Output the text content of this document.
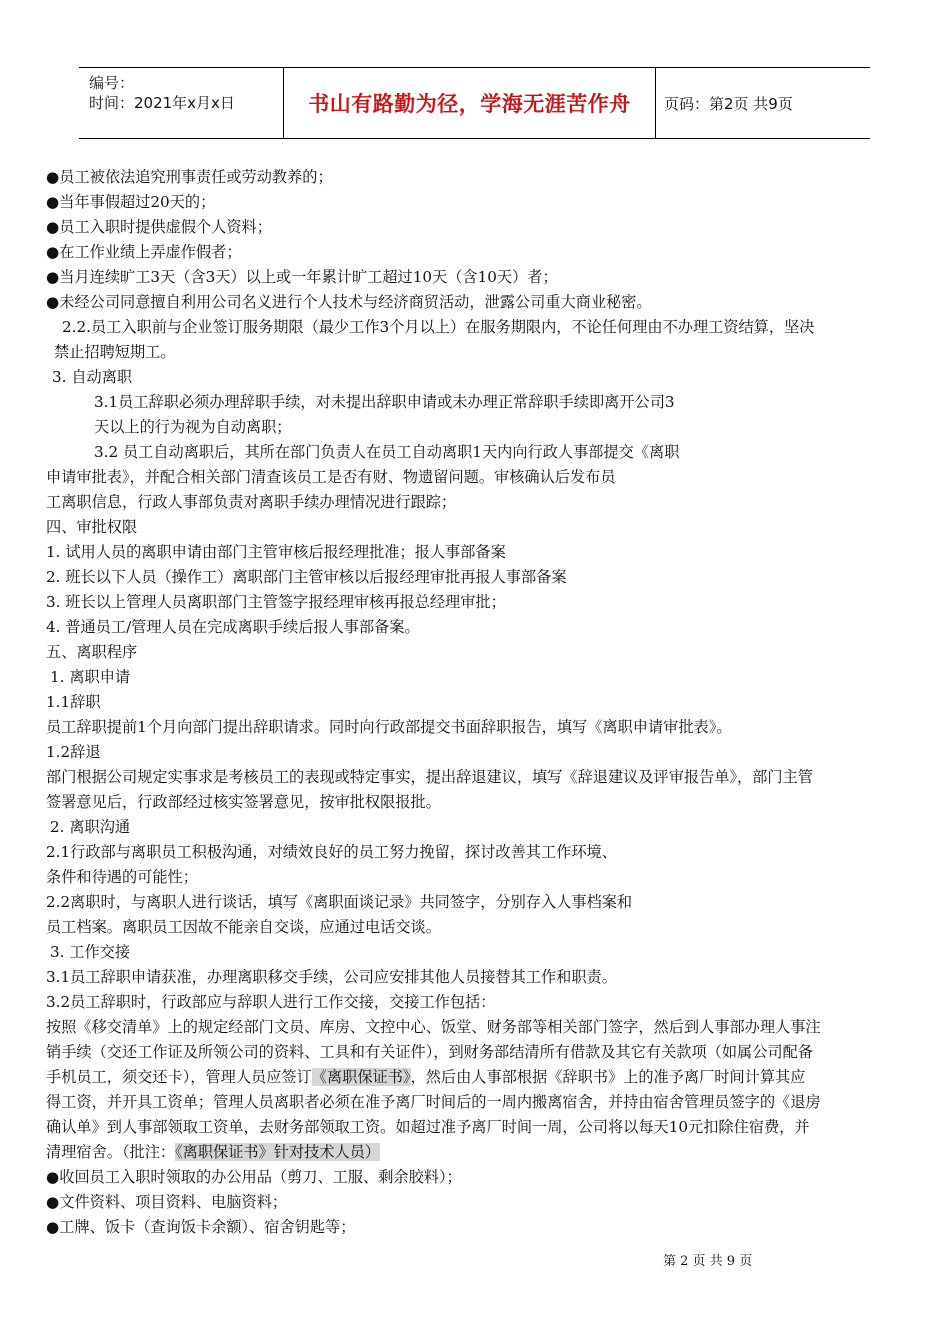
编号：
时间：2021年x月x日	书山有路勤为径，学海无涯苦作舟 页码：第2页 共9页
●员工被依法追究刑事责任或劳动教养的；
●当年事假超过20天的；
●员工入职时提供虚假个人资料；
●在工作业绩上弄虚作假者；
●当月连续旷工3天（含3天）以上或一年累计旷工超过10天（含10天）者；
●未经公司同意擅自利用公司名义进行个人技术与经济商贸活动，泄露公司重大商业秘密。
2.2.员工入职前与企业签订服务期限（最少工作3个月以上）在服务期限内，不论任何理由不办理工资结算，坚决
禁止招聘短期工。
3. 自动离职
3.1员工辞职必须办理辞职手续，对未提出辞职申请或未办理正常辞职手续即离开公司3
天以上的行为视为自动离职；
3.2 员工自动离职后，其所在部门负责人在员工自动离职1天内向行政人事部提交《离职
申请审批表》，并配合相关部门清查该员工是否有财、物遗留问题。审核确认后发布员
工离职信息，行政人事部负责对离职手续办理情况进行跟踪；
四、审批权限
1. 试用人员的离职申请由部门主管审核后报经理批准；报人事部备案
2. 班长以下人员（操作工）离职部门主管审核以后报经理审批再报人事部备案
3. 班长以上管理人员离职部门主管签字报经理审核再报总经理审批；
4. 普通员工/管理人员在完成离职手续后报人事部备案。
五、离职程序
1. 离职申请
1.1辞职
员工辞职提前1个月向部门提出辞职请求。同时向行政部提交书面辞职报告，填写《离职申请审批表》。
1.2辞退
部门根据公司规定实事求是考核员工的表现或特定事实，提出辞退建议，填写《辞退建议及评审报告单》，部门主管
签署意见后，行政部经过核实签署意见，按审批权限报批。
2. 离职沟通
2.1行政部与离职员工积极沟通，对绩效良好的员工努力挽留，探讨改善其工作环境、
条件和待遇的可能性；
2.2离职时，与离职人进行谈话，填写《离职面谈记录》共同签字，分别存入人事档案和
员工档案。离职员工因故不能亲自交谈，应通过电话交谈。
3. 工作交接
3.1员工辞职申请获准，办理离职移交手续，公司应安排其他人员接替其工作和职责。
3.2员工辞职时，行政部应与辞职人进行工作交接，交接工作包括：
按照《移交清单》上的规定经部门文员、库房、文控中心、饭堂、财务部等相关部门签字，然后到人事部办理人事注
销手续（交还工作证及所领公司的资料、工具和有关证件），到财务部结清所有借款及其它有关款项（如属公司配备
手机员工，须交还卡），管理人员应签订《离职保证书》，然后由人事部根据《辞职书》上的准予离厂时间计算其应
得工资，并开具工资单；管理人员离职者必须在准予离厂时间后的一周内搬离宿舍，并持由宿舍管理员签字的《退房
确认单》到人事部领取工资单，去财务部领取工资。如超过准予离厂时间一周，公司将以每天10元扣除住宿费，并
清理宿舍。（批注：《离职保证书》针对技术人员）
●收回员工入职时领取的办公用品（剪刀、工服、剩余胶料）；
●文件资料、项目资料、电脑资料；
●工牌、饭卡（查询饭卡余额）、宿舍钥匙等；
第 2 页 共 9 页
